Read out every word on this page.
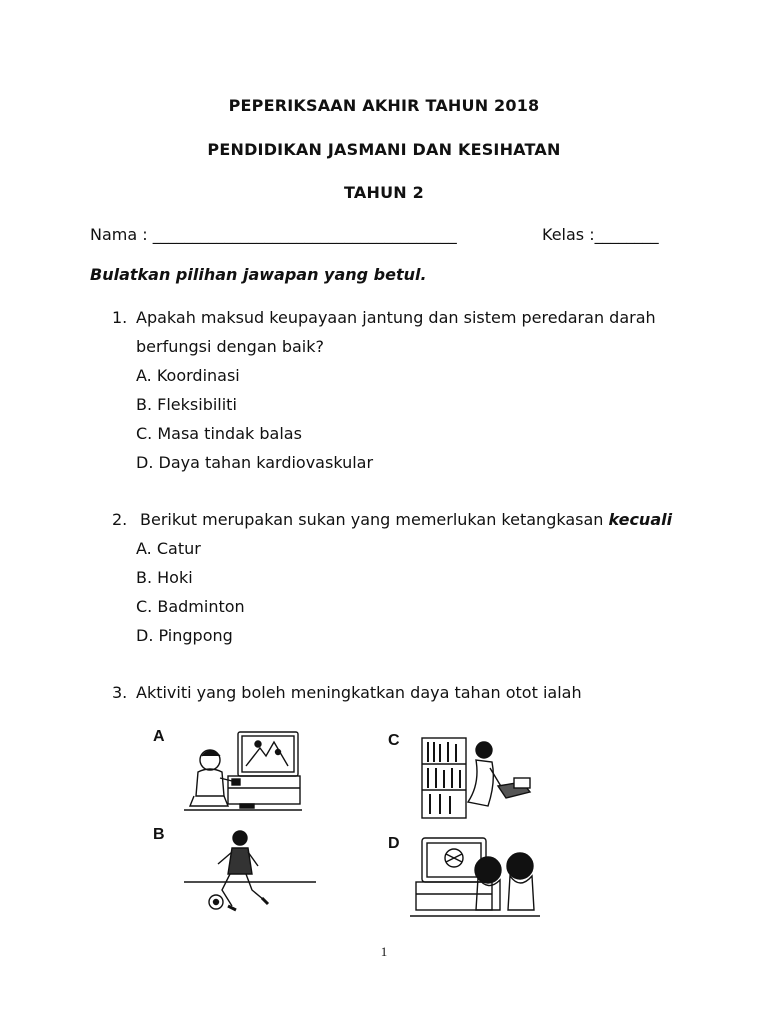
PEPERIKSAAN AKHIR TAHUN 2018
PENDIDIKAN JASMANI DAN KESIHATAN
TAHUN 2
Nama : ______________________________________	Kelas :________
Bulatkan pilihan jawapan yang betul.
1. Apakah maksud keupayaan jantung dan sistem peredaran darah
berfungsi dengan baik?
A. Koordinasi
B. Fleksibiliti
C. Masa tindak balas
D. Daya tahan kardiovaskular
2. Berikut merupakan sukan yang memerlukan ketangkasan kecuali
A. Catur
B. Hoki
C. Badminton
D. Pingpong
3. Aktiviti yang boleh meningkatkan daya tahan otot ialah
A
B
C
D
1
